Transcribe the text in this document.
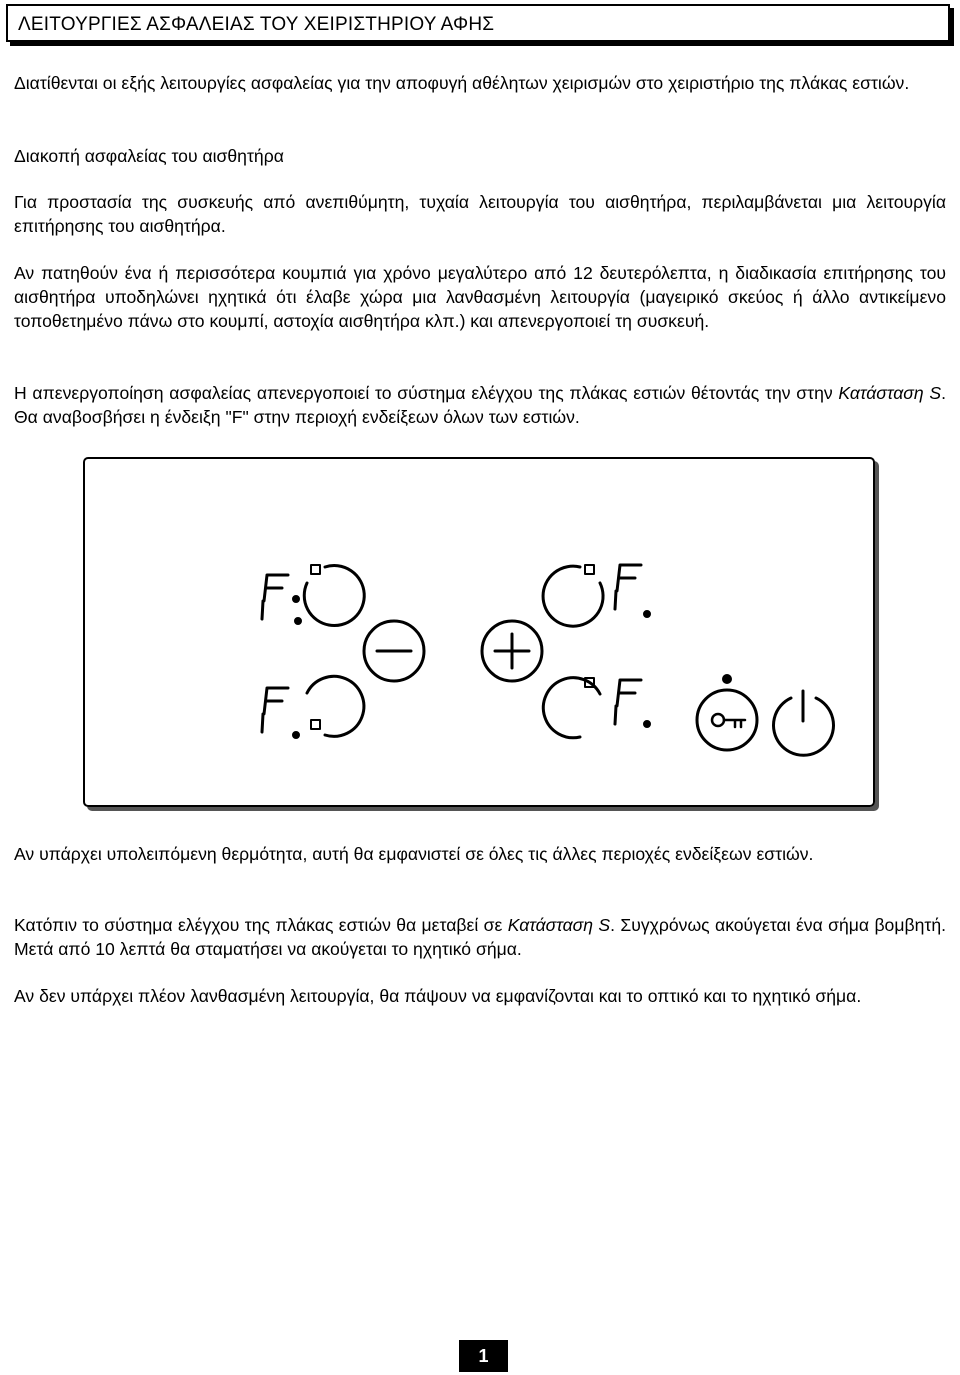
ΛΕΙΤΟΥΡΓΙΕΣ ΑΣΦΑΛΕΙΑΣ ΤΟΥ ΧΕΙΡΙΣΤΗΡΙΟΥ ΑΦΗΣ

Διατίθενται οι εξής λειτουργίες ασφαλείας για την αποφυγή αθέλητων χειρισμών στο χειριστήριο της πλάκας εστιών.

Διακοπή ασφαλείας του αισθητήρα

Για προστασία της συσκευής από ανεπιθύμητη, τυχαία λειτουργία του αισθητήρα, περιλαμβάνεται μια λειτουργία επιτήρησης του αισθητήρα.

Αν πατηθούν ένα ή περισσότερα κουμπιά για χρόνο μεγαλύτερο από 12 δευτερόλεπτα, η διαδικασία επιτήρησης του αισθητήρα υποδηλώνει ηχητικά ότι έλαβε χώρα μια λανθασμένη λειτουργία (μαγειρικό σκεύος ή άλλο αντικείμενο τοποθετημένο πάνω στο κουμπί, αστοχία αισθητήρα κλπ.) και απενεργοποιεί τη συσκευή.

Η απενεργοποίηση ασφαλείας απενεργοποιεί το σύστημα ελέγχου της πλάκας εστιών θέτοντάς την στην Κατάσταση S. Θα αναβοσβήσει η ένδειξη "F" στην περιοχή ενδείξεων όλων των εστιών.

Αν υπάρχει υπολειπόμενη θερμότητα, αυτή θα εμφανιστεί σε όλες τις άλλες περιοχές ενδείξεων εστιών.

Κατόπιν το σύστημα ελέγχου της πλάκας εστιών θα μεταβεί σε Κατάσταση S. Συγχρόνως ακούγεται ένα σήμα βομβητή. Μετά από 10 λεπτά θα σταματήσει να ακούγεται το ηχητικό σήμα.

Αν δεν υπάρχει πλέον λανθασμένη λειτουργία, θα πάψουν να εμφανίζονται και το οπτικό και το ηχητικό σήμα.

1
